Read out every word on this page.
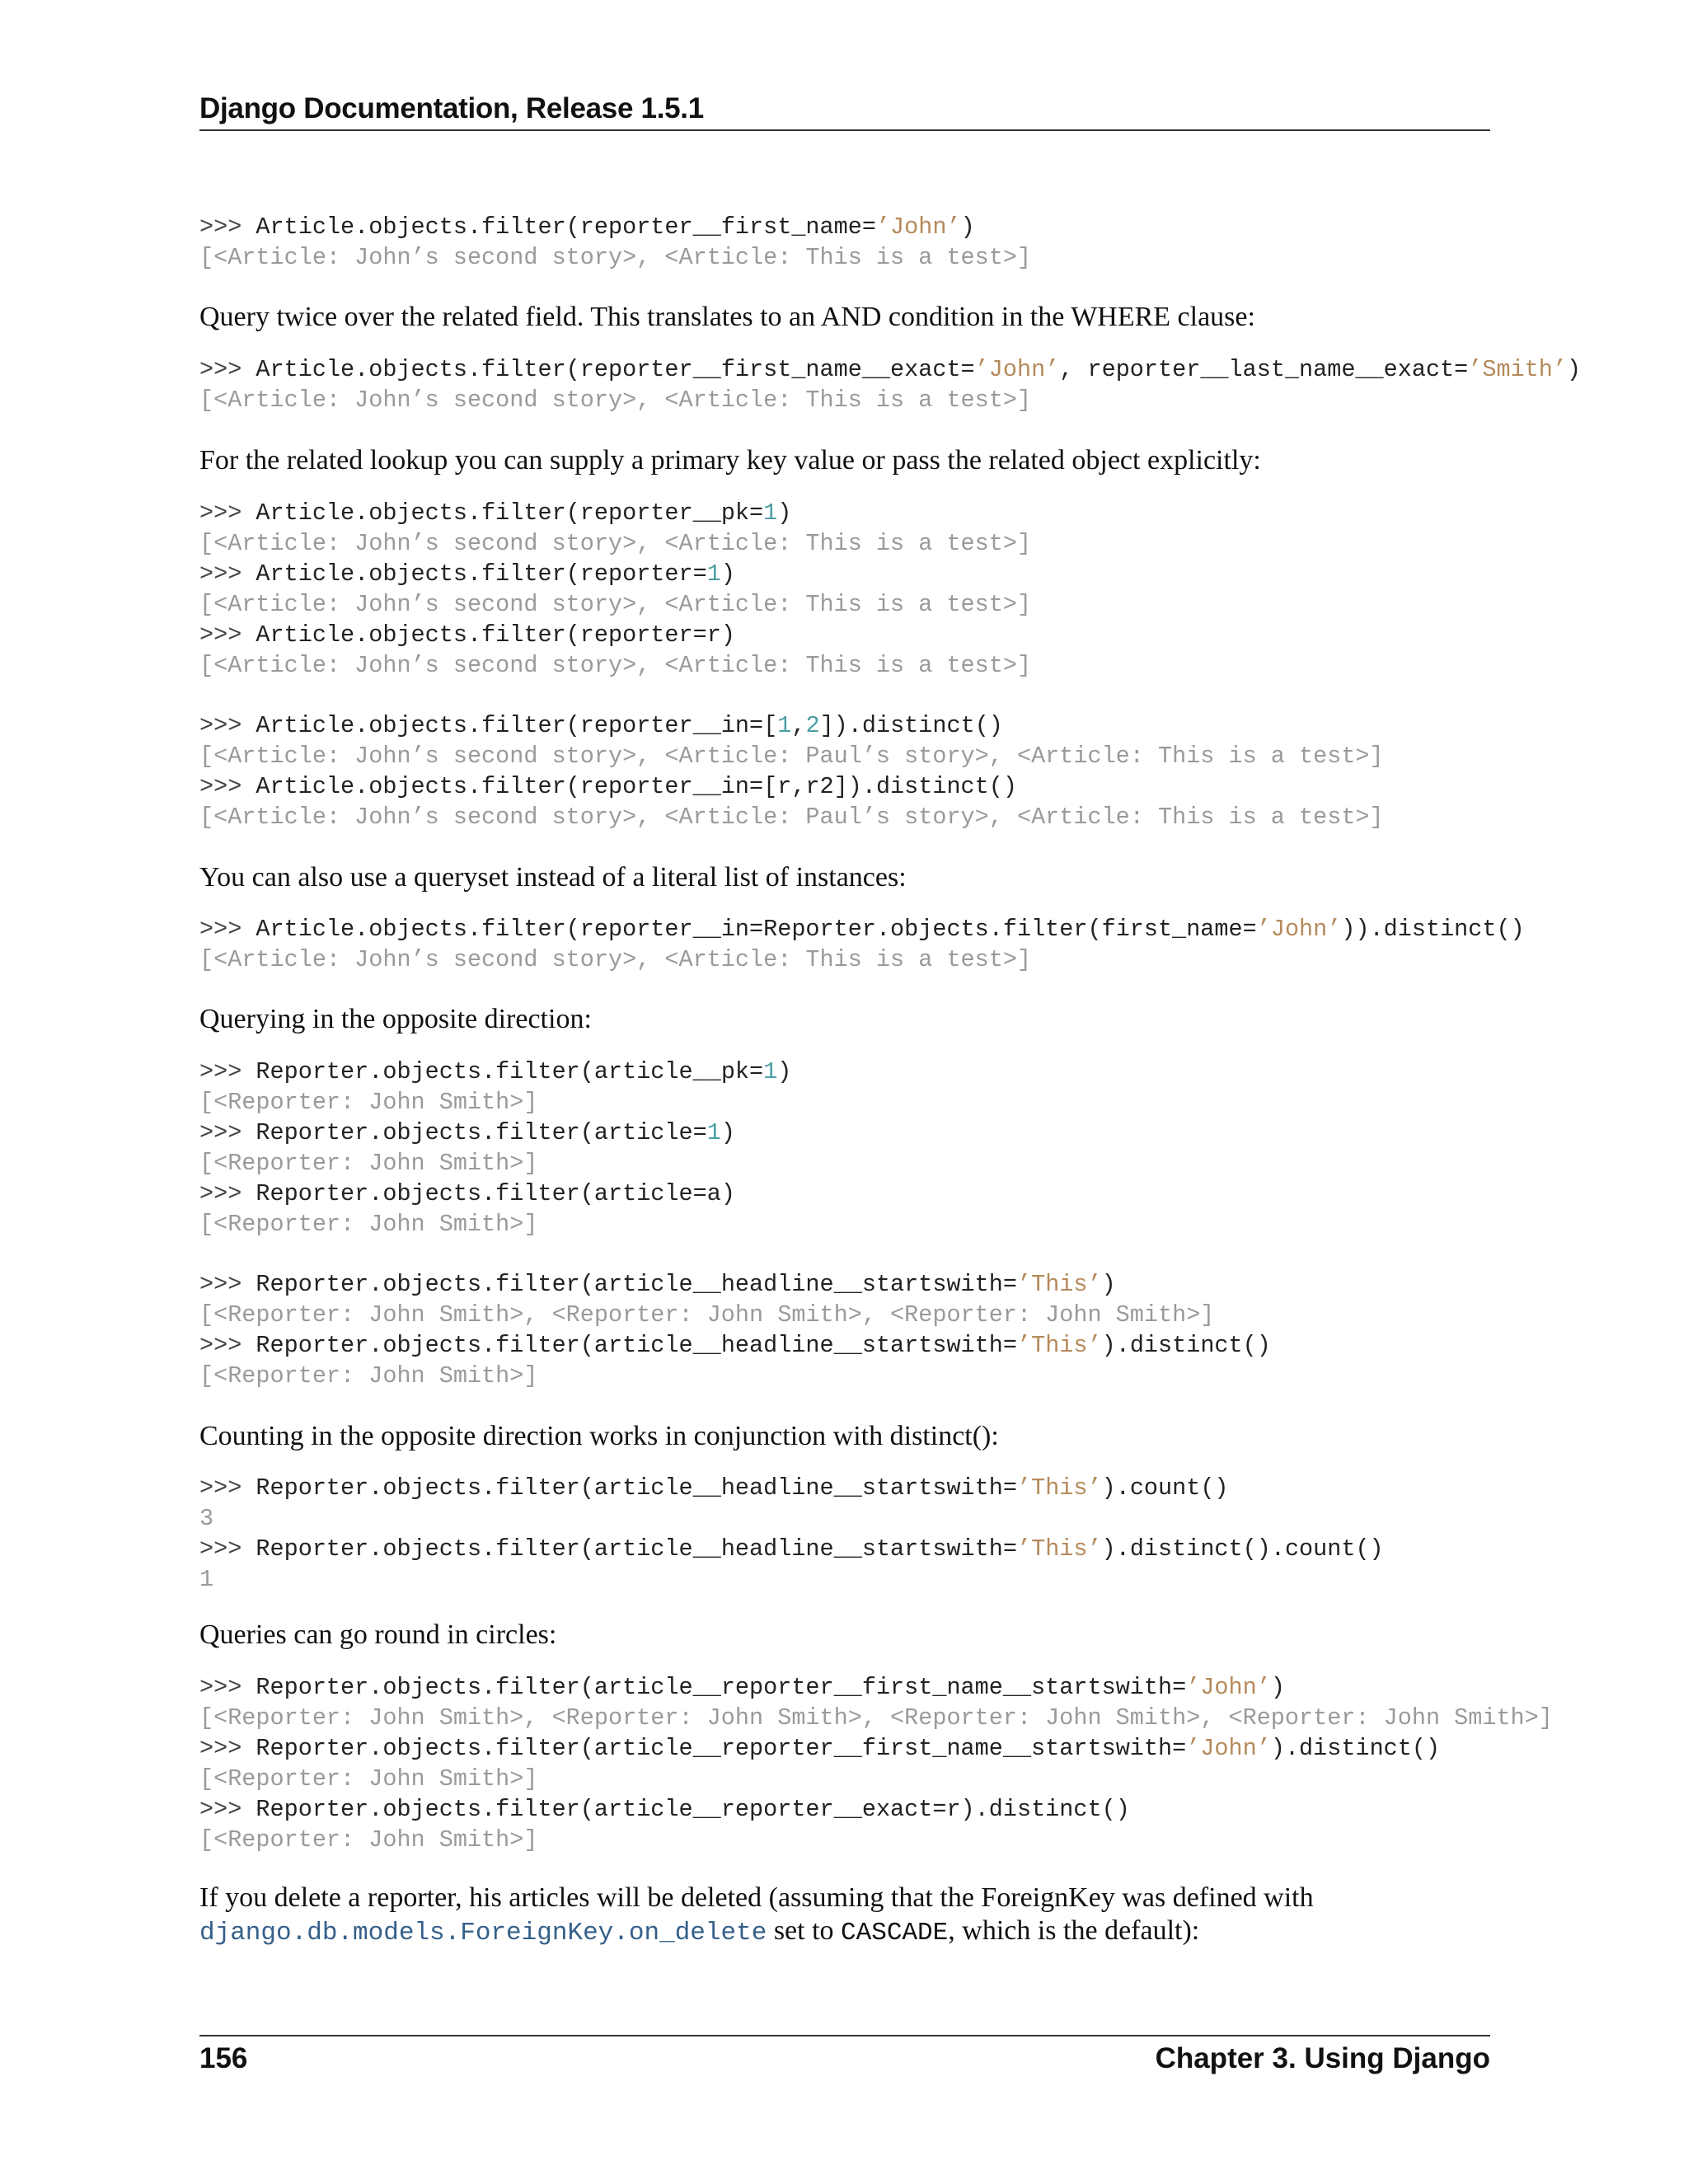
Django Documentation, Release 1.5.1
>>> Article.objects.filter(reporter__first_name=’John’)
[<Article: John’s second story>, <Article: This is a test>]
Query twice over the related field. This translates to an AND condition in the WHERE clause:
>>> Article.objects.filter(reporter__first_name__exact=’John’, reporter__last_name__exact=’Smith’)
[<Article: John’s second story>, <Article: This is a test>]
For the related lookup you can supply a primary key value or pass the related object explicitly:
>>> Article.objects.filter(reporter__pk=1)
[<Article: John’s second story>, <Article: This is a test>]
>>> Article.objects.filter(reporter=1)
[<Article: John’s second story>, <Article: This is a test>]
>>> Article.objects.filter(reporter=r)
[<Article: John’s second story>, <Article: This is a test>]
>>> Article.objects.filter(reporter__in=[1,2]).distinct()
[<Article: John’s second story>, <Article: Paul’s story>, <Article: This is a test>]
>>> Article.objects.filter(reporter__in=[r,r2]).distinct()
[<Article: John’s second story>, <Article: Paul’s story>, <Article: This is a test>]
You can also use a queryset instead of a literal list of instances:
>>> Article.objects.filter(reporter__in=Reporter.objects.filter(first_name=’John’)).distinct()
[<Article: John’s second story>, <Article: This is a test>]
Querying in the opposite direction:
>>> Reporter.objects.filter(article__pk=1)
[<Reporter: John Smith>]
>>> Reporter.objects.filter(article=1)
[<Reporter: John Smith>]
>>> Reporter.objects.filter(article=a)
[<Reporter: John Smith>]
>>> Reporter.objects.filter(article__headline__startswith=’This’)
[<Reporter: John Smith>, <Reporter: John Smith>, <Reporter: John Smith>]
>>> Reporter.objects.filter(article__headline__startswith=’This’).distinct()
[<Reporter: John Smith>]
Counting in the opposite direction works in conjunction with distinct():
>>> Reporter.objects.filter(article__headline__startswith=’This’).count()
3
>>> Reporter.objects.filter(article__headline__startswith=’This’).distinct().count()
1
Queries can go round in circles:
>>> Reporter.objects.filter(article__reporter__first_name__startswith=’John’)
[<Reporter: John Smith>, <Reporter: John Smith>, <Reporter: John Smith>, <Reporter: John Smith>]
>>> Reporter.objects.filter(article__reporter__first_name__startswith=’John’).distinct()
[<Reporter: John Smith>]
>>> Reporter.objects.filter(article__reporter__exact=r).distinct()
[<Reporter: John Smith>]
If you delete a reporter, his articles will be deleted (assuming that the ForeignKey was defined with
django.db.models.ForeignKey.on_delete set to CASCADE, which is the default):
156	Chapter 3. Using Django
